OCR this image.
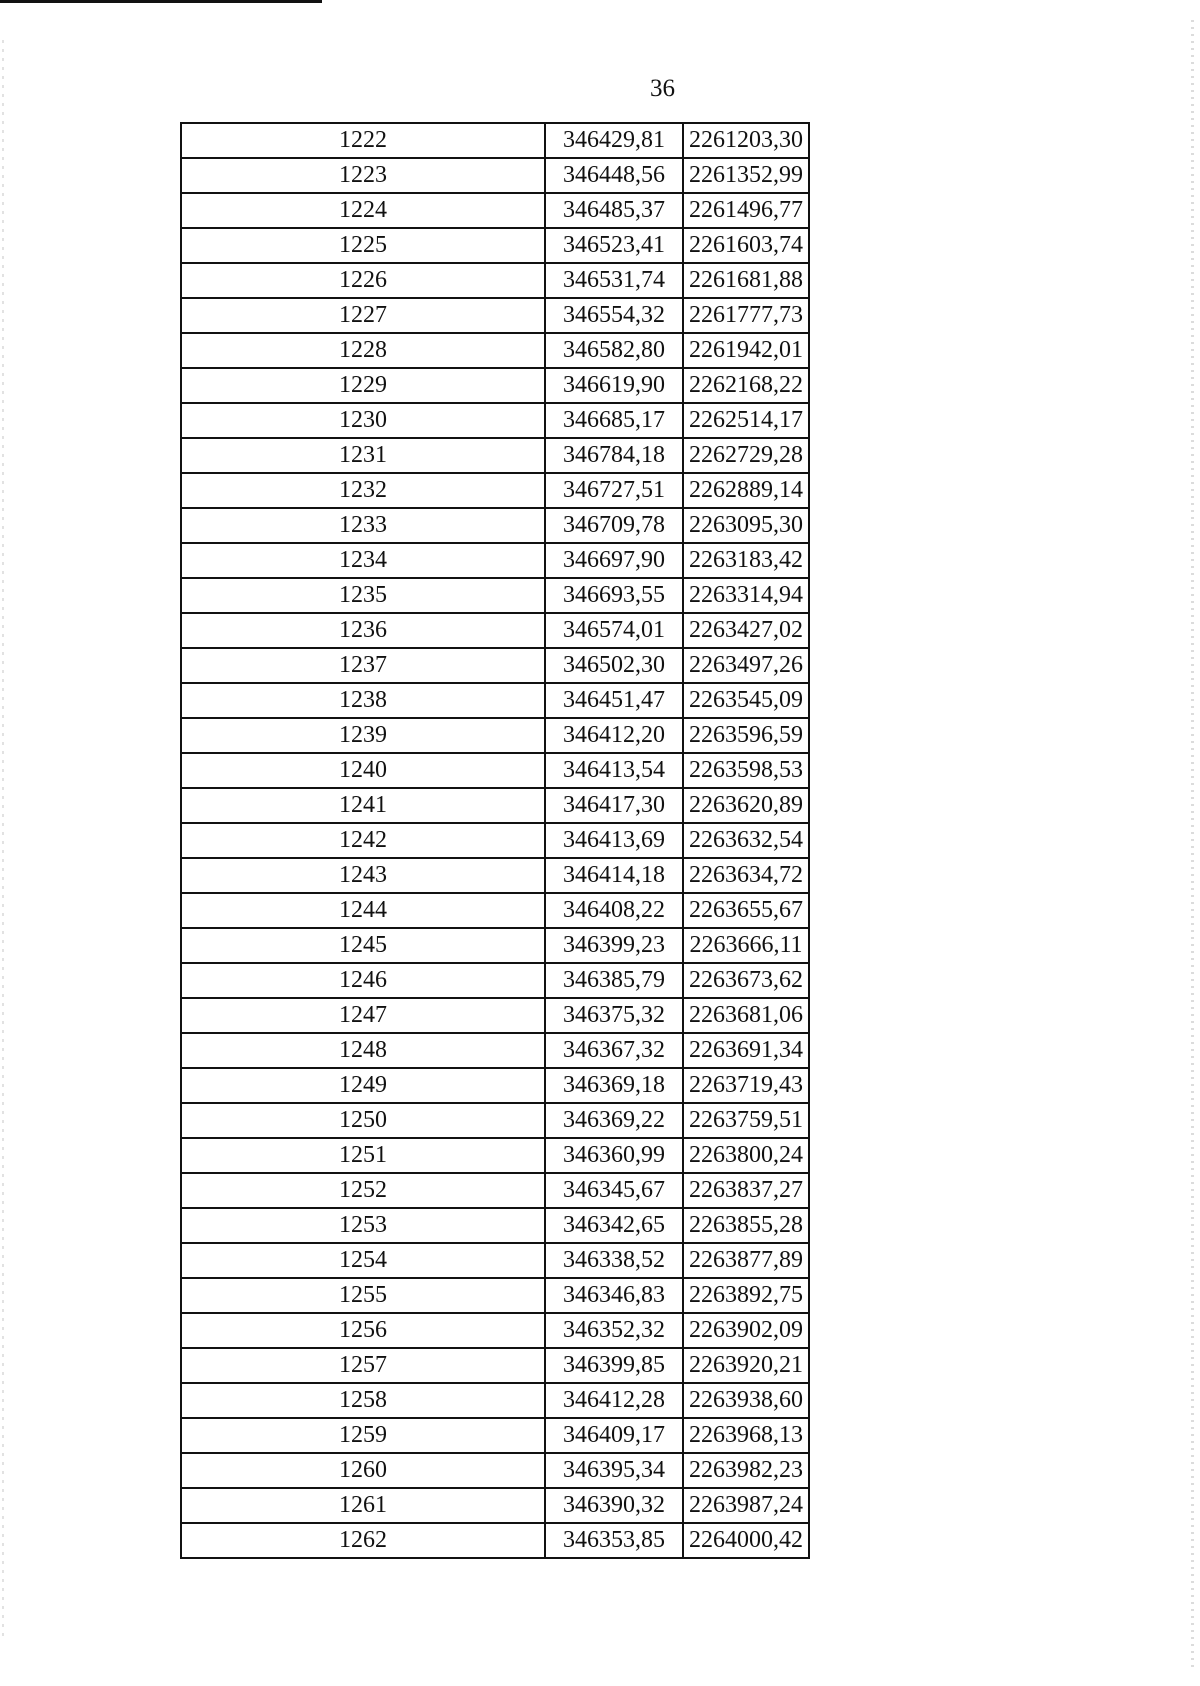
36
1222	346429,81	2261203,30
1223	346448,56	2261352,99
1224	346485,37	2261496,77
1225	346523,41	2261603,74
1226	346531,74	2261681,88
1227	346554,32	2261777,73
1228	346582,80	2261942,01
1229	346619,90	2262168,22
1230	346685,17	2262514,17
1231	346784,18	2262729,28
1232	346727,51	2262889,14
1233	346709,78	2263095,30
1234	346697,90	2263183,42
1235	346693,55	2263314,94
1236	346574,01	2263427,02
1237	346502,30	2263497,26
1238	346451,47	2263545,09
1239	346412,20	2263596,59
1240	346413,54	2263598,53
1241	346417,30	2263620,89
1242	346413,69	2263632,54
1243	346414,18	2263634,72
1244	346408,22	2263655,67
1245	346399,23	2263666,11
1246	346385,79	2263673,62
1247	346375,32	2263681,06
1248	346367,32	2263691,34
1249	346369,18	2263719,43
1250	346369,22	2263759,51
1251	346360,99	2263800,24
1252	346345,67	2263837,27
1253	346342,65	2263855,28
1254	346338,52	2263877,89
1255	346346,83	2263892,75
1256	346352,32	2263902,09
1257	346399,85	2263920,21
1258	346412,28	2263938,60
1259	346409,17	2263968,13
1260	346395,34	2263982,23
1261	346390,32	2263987,24
1262	346353,85	2264000,42
